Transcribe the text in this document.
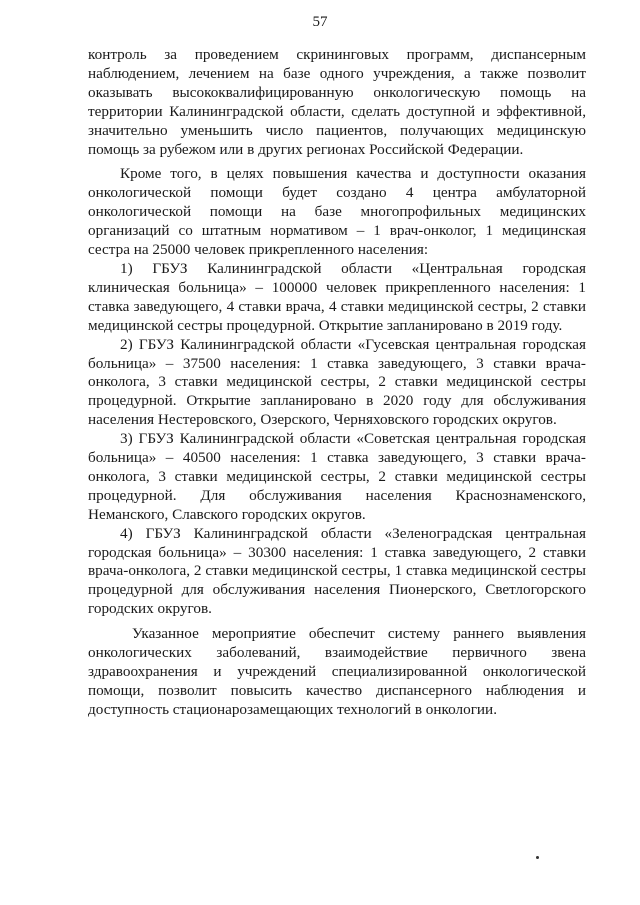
57

контроль за проведением скрининговых программ, диспансерным наблюдением, лечением на базе одного учреждения, а также позволит оказывать высококвалифицированную онкологическую помощь на территории Калининградской области, сделать доступной и эффективной, значительно уменьшить число пациентов, получающих медицинскую помощь за рубежом или в других регионах Российской Федерации.

Кроме того, в целях повышения качества и доступности оказания онкологической помощи будет создано 4 центра амбулаторной онкологической помощи на базе многопрофильных медицинских организаций со штатным нормативом – 1 врач-онколог, 1 медицинская сестра на 25000 человек прикрепленного населения:

1) ГБУЗ Калининградской области «Центральная городская клиническая больница» – 100000 человек прикрепленного населения: 1 ставка заведующего, 4 ставки врача, 4 ставки медицинской сестры, 2 ставки медицинской сестры процедурной. Открытие запланировано в 2019 году.

2) ГБУЗ Калининградской области «Гусевская центральная городская больница» – 37500 населения: 1 ставка заведующего, 3 ставки врача-онколога, 3 ставки медицинской сестры, 2 ставки медицинской сестры процедурной. Открытие запланировано в 2020 году для обслуживания населения Нестеровского, Озерского, Черняховского городских округов.

3) ГБУЗ Калининградской области «Советская центральная городская больница» – 40500 населения: 1 ставка заведующего, 3 ставки врача-онколога, 3 ставки медицинской сестры, 2 ставки медицинской сестры процедурной. Для обслуживания населения Краснознаменского, Неманского, Славского городских округов.

4) ГБУЗ Калининградской области «Зеленоградская центральная городская больница» – 30300 населения: 1 ставка заведующего, 2 ставки врача-онколога, 2 ставки медицинской сестры, 1 ставка медицинской сестры процедурной для обслуживания населения Пионерского, Светлогорского городских округов.

Указанное мероприятие обеспечит систему раннего выявления онкологических заболеваний, взаимодействие первичного звена здравоохранения и учреждений специализированной онкологической помощи, позволит повысить качество диспансерного наблюдения и доступность стационарозамещающих технологий в онкологии.
